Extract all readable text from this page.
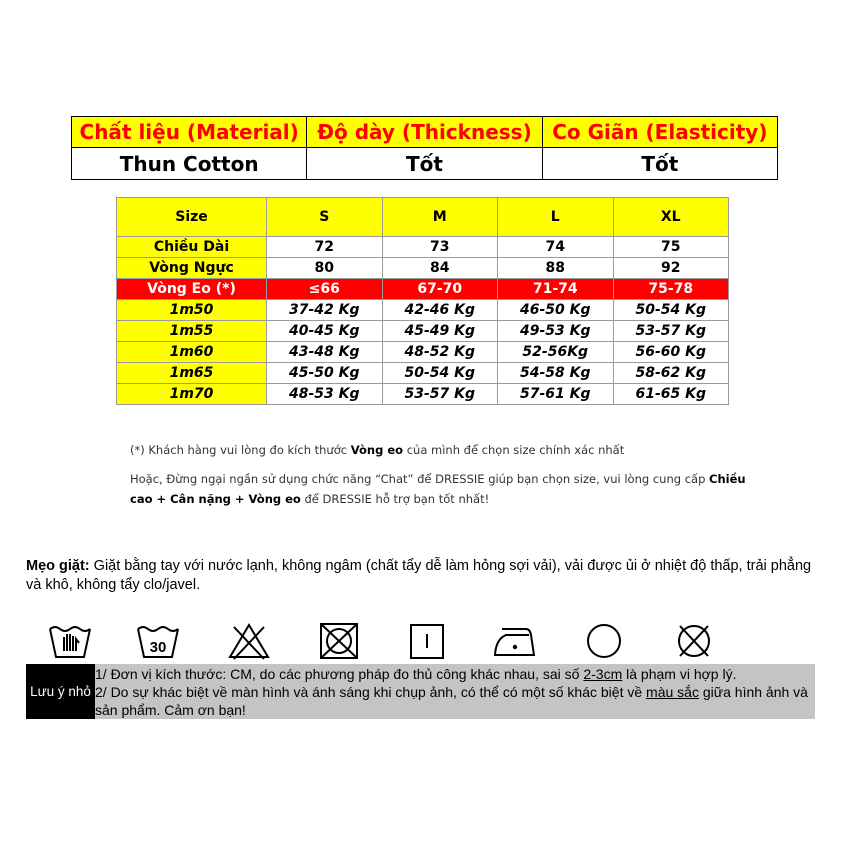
Chất liệu (Material)	Độ dày (Thickness)	Co Giãn (Elasticity)
Thun Cotton	Tốt	Tốt
Size	S	M	L	XL
Chiều Dài	72	73	74	75
Vòng Ngực	80	84	88	92
Vòng Eo (*)	≤66	67-70	71-74	75-78
1m50	37-42 Kg	42-46 Kg	46-50 Kg	50-54 Kg
1m55	40-45 Kg	45-49 Kg	49-53 Kg	53-57 Kg
1m60	43-48 Kg	48-52 Kg	52-56Kg	56-60 Kg
1m65	45-50 Kg	50-54 Kg	54-58 Kg	58-62 Kg
1m70	48-53 Kg	53-57 Kg	57-61 Kg	61-65 Kg
(*) Khách hàng vui lòng đo kích thước Vòng eo của mình để chọn size chính xác nhất
Hoặc, Đừng ngại ngần sử dụng chức năng “Chat” để DRESSIE giúp bạn chọn size, vui lòng cung cấp Chiều cao + Cân nặng + Vòng eo để DRESSIE hỗ trợ bạn tốt nhất!
Mẹo giặt: Giặt bằng tay với nước lạnh, không ngâm (chất tẩy dễ làm hỏng sợi vải), vải được ủi ở nhiệt độ thấp, trải phẳng và khô, không tẩy clo/javel.
30
Lưu ý nhỏ
1/ Đơn vị kích thước: CM, do các phương pháp đo thủ công khác nhau, sai số 2-3cm là phạm vi hợp lý.
2/ Do sự khác biệt về màn hình và ánh sáng khi chụp ảnh, có thể có một số khác biệt về màu sắc giữa hình ảnh và sản phẩm. Cảm ơn bạn!
